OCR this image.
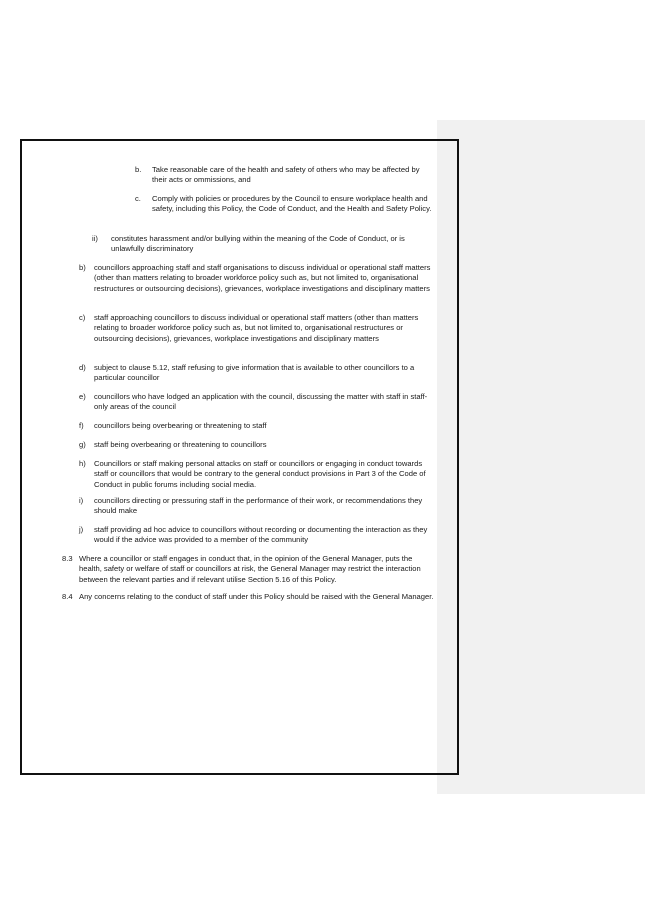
b. Take reasonable care of the health and safety of others who may be affected by their acts or ommissions, and
c. Comply with policies or procedures by the Council to ensure workplace health and safety, including this Policy, the Code of Conduct, and the Health and Safety Policy.
ii) constitutes harassment and/or bullying within the meaning of the Code of Conduct, or is unlawfully discriminatory
b) councillors approaching staff and staff organisations to discuss individual or operational staff matters (other than matters relating to broader workforce policy such as, but not limited to, organisational restructures or outsourcing decisions), grievances, workplace investigations and disciplinary matters
c) staff approaching councillors to discuss individual or operational staff matters (other than matters relating to broader workforce policy such as, but not limited to, organisational restructures or outsourcing decisions), grievances, workplace investigations and disciplinary matters
d) subject to clause 5.12, staff refusing to give information that is available to other councillors to a particular councillor
e) councillors who have lodged an application with the council, discussing the matter with staff in staff-only areas of the council
f) councillors being overbearing or threatening to staff
g) staff being overbearing or threatening to councillors
h) Councillors or staff making personal attacks on staff or councillors or engaging in conduct towards staff or councillors that would be contrary to the general conduct provisions in Part 3 of the Code of Conduct in public forums including social media.
i) councillors directing or pressuring staff in the performance of their work, or recommendations they should make
j) staff providing ad hoc advice to councillors without recording or documenting the interaction as they would if the advice was provided to a member of the community
8.3 Where a councillor or staff engages in conduct that, in the opinion of the General Manager, puts the health, safety or welfare of staff or councillors at risk, the General Manager may restrict the interaction between the relevant parties and if relevant utilise Section 5.16 of this Policy.
8.4 Any concerns relating to the conduct of staff under this Policy should be raised with the General Manager.
